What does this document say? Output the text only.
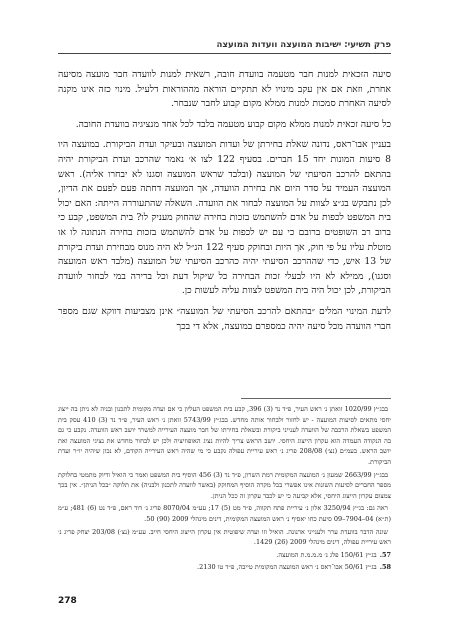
פרק תשיעי: ישיבות המועצה וועדות המועצה

סיעה הזכאית למנות חבר מטעמה בוועדת חובה, רשאית למנות לוועדה חבר מועצה מסיעה אחרת, וזאת אם אין עקב מינויו לא תתקיים הוראה מההוראות דלעיל. מינוי כזה אינו מקנה לסיעה האחרת סמכות למנות ממלא מקום קבוע לחבר שנבחר.

כל סיעה זכאית למנות ממלא מקום קבוע מטעמה בלבד לכל אחד מנציגיה בוועדת החובה.

בעניין אבו־ראס, נדונה שאלת בחירתן של ועדות המועצה ובעיקר ועדת הביקורת. במועצה היו 8 סיעות המונות יחד 15 חברים. בסעיף 122 לצו א׳ נאמר שהרכב ועדת הביקורת יהיה בהתאם להרכב הסיעתי של המועצה (ובלבד שראש המועצה וסגנו לא יבחרו אליה). ראש המועצה העמיד על סדר היום את בחירת הוועדה, אך המועצה דחתה פעם לפעם את הדיון, לכן נתבקש בג״צ לצוות על המועצה לבחור את הוועדה. השאלה שהתעוררה הייתה: האם יכול בית המשפט לכפות על אדם להשתמש בזכות בחירה שהחוק מעניק לו? בית המשפט, קבע כי ברוב רב השופטים ברובם כי עם יש לכפות על אדם להשתמש בזכות בחירה הנתונה לו או מוטלת עליו על פי חוק, אך היות ובחוקק סעיף 122 הנ״ל לא היה מנוס מבחירת ועדת ביקורת של 13 איש, כדי שההרכב הסיעתי יהיה כהרכב הסיעתי של המועצה (מלבד ראש המועצה וסגנו), ממילא לא היו לבעלי זכות הבחירה כל שיקול דעת וכל ברירה במי לבחור לוועדת הביקורת, לכן יכול היה בית המשפט לצוות עליה לעשות כן.

לדעת המינוי המלים ״בהתאם להרכב הסיעתי של המועצה״ אינן מצביעות דווקא שגם מספר חברי הוועדה מכל סיעה יהיה כמספרם במועצה, אלא די בכך

בבג״ץ 1020/99 זואתן נ׳ ראש העיר, פ״ד נד (3) 396, קבע בית המשפט העליון כי אם ועדה מקומית לתכנון ובניה לא ניתן בה ייצוג יחסי מתאים לסיעות המועצה - יש לחזור ולבחור אותה מחדש. בבג״ץ 5743/99 זואתן נ׳ ראש העיר, פ״ד נד (3) 410 עסק בית המשפט בשאלת הרכבה של הוועדה לענייני ביקורת ובשאלת בחירתו של חבר מועצה העירייה למשרד יושב ראש הוועדה. נקבע כי גם בה הנקודה העמדה הוא עקרון הייצוג היחסי. יושב הראש צריך להיות נציג האופוזיציה ולכן יש לבחור מחדש את נציגי המועצה ואת יושב הראש. בעמ״ם (נצ׳) 208/08 פריג נ׳ ראש עיריית עפולה נקבע כי מי שהיה ראש העירייה הקודם, לא נכון שיהיה יו״ר ועדת הביקורת.
בבג״ץ 2663/99 שמעון נ׳ המועצה המקומית רמת השרון, פ״ד נד (3) 456 הוסיף בית המשפט ואמר כי הואיל ודיוק מתמטי בחלוקת מספר החברים לסיעות השונות אינו אפשרי בכל מקרה הוסיף המחוקק (באשר לוועדה לתכנון ולבניה) את תלוקה ״בכל הניתן״. אין בכך צמצום עקרון הייצוג היחסי, אלא קביעה כי יש לכבד עקרון זה ככל הניתן.
ראה גם: בג״ץ 3250/94 אלון נ׳ עיריית פתח תקווה, פ״ד מט (5) 17; עע״מ 8070/04 פריג נ׳ דוד ראם, פ״ד נט (6) 481; ע״מ (ת״א) 04–7904–09 סיעת כחו יאסיף נ׳ ראש המועצה המקומית, דינים מינהלי 2009 (90) 50.
שונה הדבר בוועדת ערר ולענייני ארנונה. הואיל וזו ועדה שיפוטית אין עקרון הייצוג היחסי חייב. עע״מ (נצ׳) 203/08 יצחק פריג נ׳ ראש עיריית עפולה, דינים מינהלי 2009 (26) 1429.
57.בג״ץ 150/61 פלג נ׳ מ.מ.מ.ת המועצה.
58.בג״ץ 50/61 אבו־ראס נ׳ ראש המועצה המקומית טייבה, פ״ד טו 2130.
278
